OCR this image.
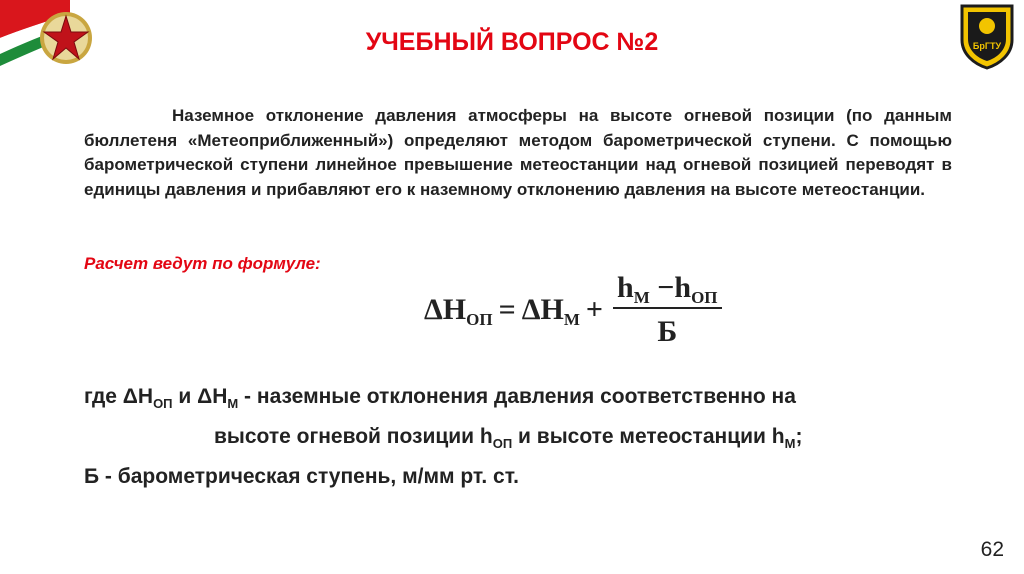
БрГТУ
УЧЕБНЫЙ ВОПРОС №2
Наземное отклонение давления атмосферы на высоте огневой позиции (по данным бюллетеня «Метеоприближенный») определяют методом барометрической ступени. С помощью барометрической ступени линейное превышение метеостанции над огневой позицией переводят в единицы давления и прибавляют его к наземному отклонению давления на высоте метеостанции.
Расчет ведут по формуле:
$\Delta H_{ОП} = \Delta H_М + \frac{h_М -h_{ОП}}{Б}$
где $\Delta H_{ОП}$ и $\Delta H_М$ - наземные отклонения давления соответственно на
высоте огневой позиции $h_{ОП}$ и высоте метеостанции $h_М$;
Б - барометрическая ступень, м/мм рт. ст.
62
